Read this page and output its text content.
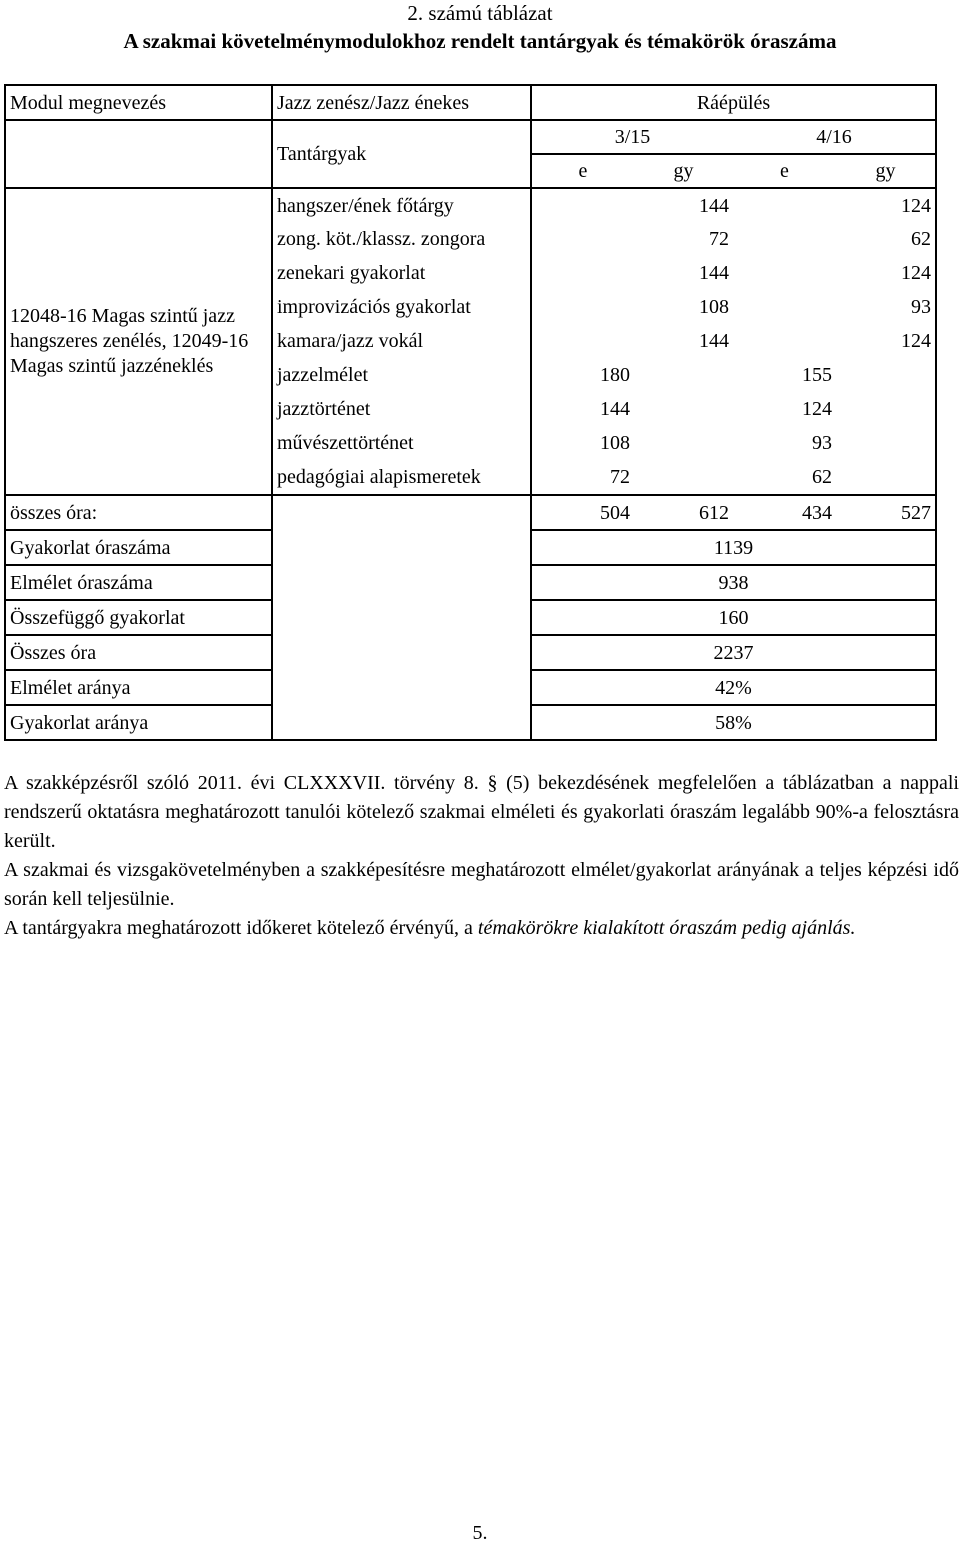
2. számú táblázat
A szakmai követelménymodulokhoz rendelt tantárgyak és témakörök óraszáma
Modul megnevezés	Jazz zenész/Jazz énekes	Ráépülés			
	Tantárgyak	3/15		4/16	
		e	gy	e	gy
12048-16 Magas szintű jazz hangszeres zenélés, 12049-16 Magas szintű jazzéneklés	hangszer/ének főtárgy		144		124
	zong. köt./klassz. zongora		72		62
	zenekari gyakorlat		144		124
	improvizációs gyakorlat		108		93
	kamara/jazz vokál		144		124
	jazzelmélet	180		155	
	jazztörténet	144		124	
	művészettörténet	108		93	
	pedagógiai alapismeretek	72		62	
összes óra:		504	612	434	527
Gyakorlat óraszáma		1139			
Elmélet óraszáma		938			
Összefüggő gyakorlat		160			
Összes óra		2237			
Elmélet aránya		42%			
Gyakorlat aránya		58%			
A szakképzésről szóló 2011. évi CLXXXVII. törvény 8. § (5) bekezdésének megfelelően a táblázatban a nappali rendszerű oktatásra meghatározott tanulói kötelező szakmai elméleti és gyakorlati óraszám legalább 90%-a felosztásra került.
A szakmai és vizsgakövetelményben a szakképesítésre meghatározott elmélet/gyakorlat arányának a teljes képzési idő során kell teljesülnie.
A tantárgyakra meghatározott időkeret kötelező érvényű, a témakörökre kialakított óraszám pedig ajánlás.
5.
